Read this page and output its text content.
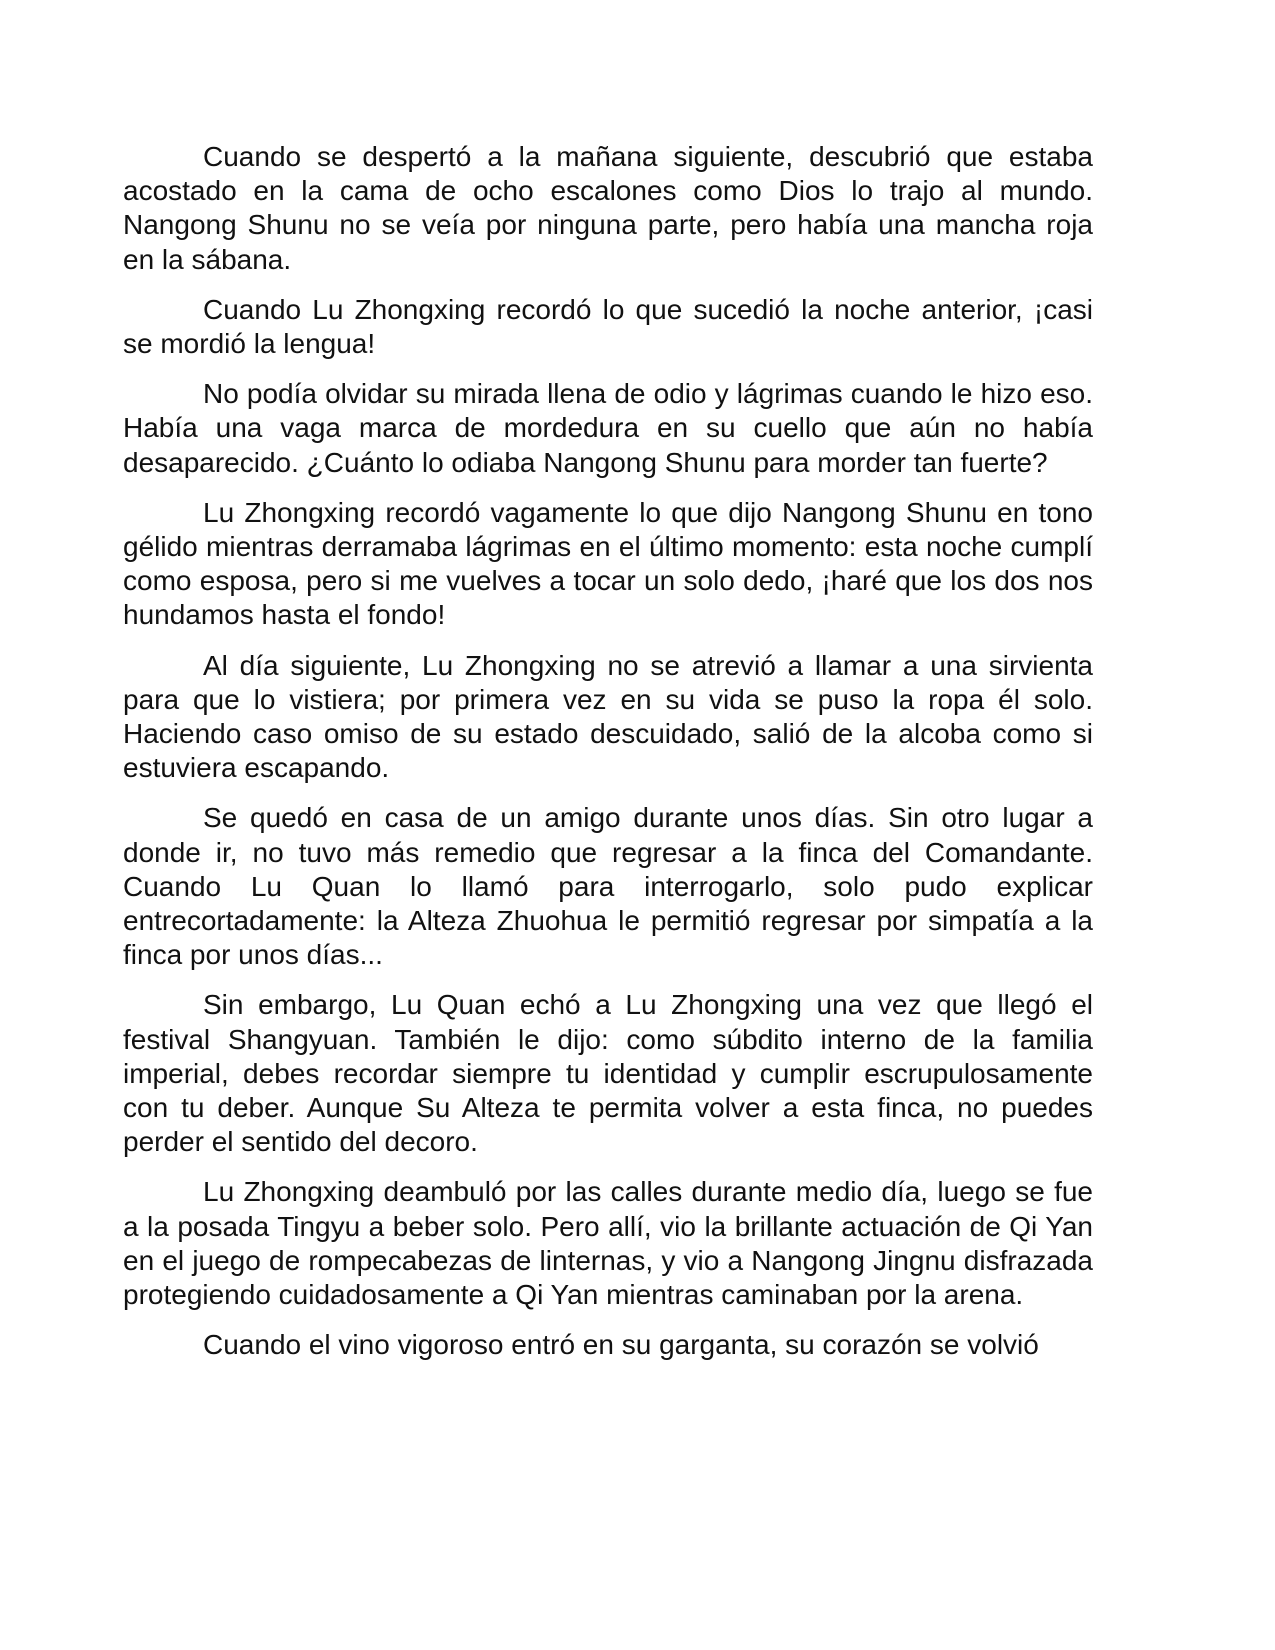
Cuando se despertó a la mañana siguiente, descubrió que estaba acostado en la cama de ocho escalones como Dios lo trajo al mundo. Nangong Shunu no se veía por ninguna parte, pero había una mancha roja en la sábana.

Cuando Lu Zhongxing recordó lo que sucedió la noche anterior, ¡casi se mordió la lengua!

No podía olvidar su mirada llena de odio y lágrimas cuando le hizo eso. Había una vaga marca de mordedura en su cuello que aún no había desaparecido. ¿Cuánto lo odiaba Nangong Shunu para morder tan fuerte?

Lu Zhongxing recordó vagamente lo que dijo Nangong Shunu en tono gélido mientras derramaba lágrimas en el último momento: esta noche cumplí como esposa, pero si me vuelves a tocar un solo dedo, ¡haré que los dos nos hundamos hasta el fondo!

Al día siguiente, Lu Zhongxing no se atrevió a llamar a una sirvienta para que lo vistiera; por primera vez en su vida se puso la ropa él solo. Haciendo caso omiso de su estado descuidado, salió de la alcoba como si estuviera escapando.

Se quedó en casa de un amigo durante unos días. Sin otro lugar a donde ir, no tuvo más remedio que regresar a la finca del Comandante. Cuando Lu Quan lo llamó para interrogarlo, solo pudo explicar entrecortadamente: la Alteza Zhuohua le permitió regresar por simpatía a la finca por unos días...

Sin embargo, Lu Quan echó a Lu Zhongxing una vez que llegó el festival Shangyuan. También le dijo: como súbdito interno de la familia imperial, debes recordar siempre tu identidad y cumplir escrupulosamente con tu deber. Aunque Su Alteza te permita volver a esta finca, no puedes perder el sentido del decoro.

Lu Zhongxing deambuló por las calles durante medio día, luego se fue a la posada Tingyu a beber solo. Pero allí, vio la brillante actuación de Qi Yan en el juego de rompecabezas de linternas, y vio a Nangong Jingnu disfrazada protegiendo cuidadosamente a Qi Yan mientras caminaban por la arena.

Cuando el vino vigoroso entró en su garganta, su corazón se volvió
